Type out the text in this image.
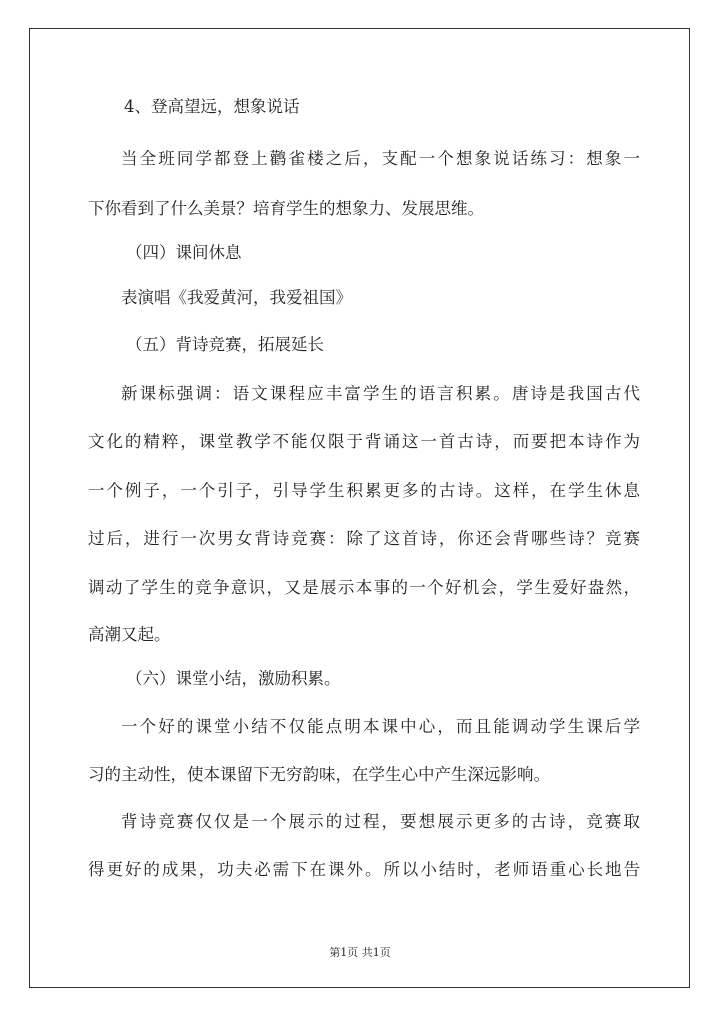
4、登高望远，想象说话
当全班同学都登上鹳雀楼之后，支配一个想象说话练习：想象一
下你看到了什么美景？培育学生的想象力、发展思维。
（四）课间休息
表演唱《我爱黄河，我爱祖国》
（五）背诗竞赛，拓展延长
新课标强调：语文课程应丰富学生的语言积累。唐诗是我国古代
文化的精粹，课堂教学不能仅限于背诵这一首古诗，而要把本诗作为
一个例子，一个引子，引导学生积累更多的古诗。这样，在学生休息
过后，进行一次男女背诗竞赛：除了这首诗，你还会背哪些诗？竞赛
调动了学生的竞争意识，又是展示本事的一个好机会，学生爱好盎然，
高潮又起。
（六）课堂小结，激励积累。
一个好的课堂小结不仅能点明本课中心，而且能调动学生课后学
习的主动性，使本课留下无穷韵味，在学生心中产生深远影响。
背诗竞赛仅仅是一个展示的过程，要想展示更多的古诗，竞赛取
得更好的成果，功夫必需下在课外。所以小结时，老师语重心长地告
第1页 共1页
